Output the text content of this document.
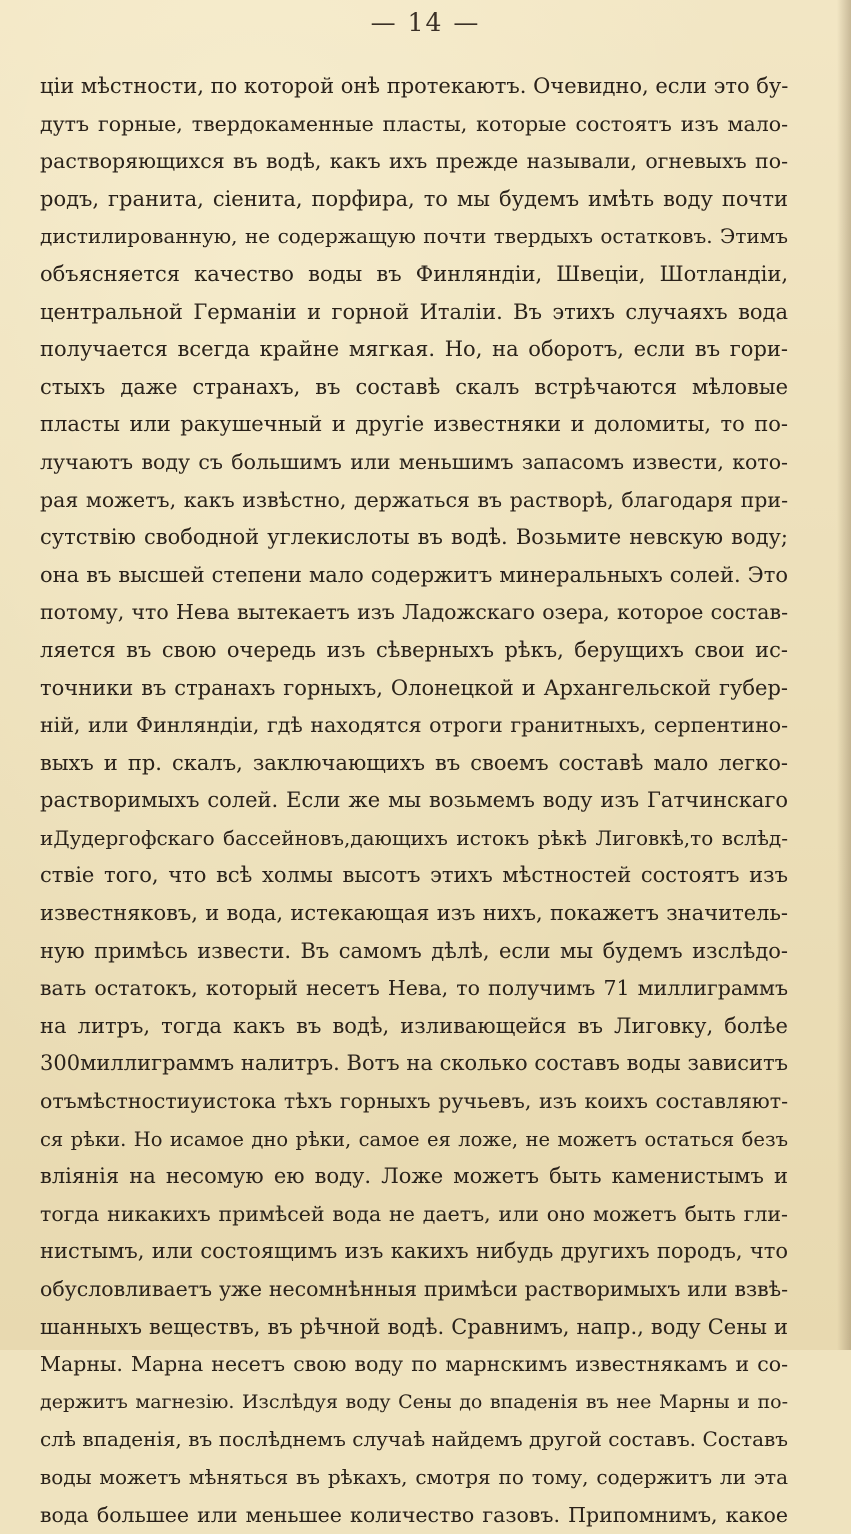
— 14 —
ціи мѣстности, по которой онѣ протекаютъ. Очевидно, если это бу-
дутъ горные, твердокаменные пласты, которые состоятъ изъ мало-
растворяющихся въ водѣ, какъ ихъ прежде называли, огневыхъ по-
родъ, гранита, сіенита, порфира, то мы будемъ имѣть воду почти
дистилированную, не содержащую почти твердыхъ остатковъ. Этимъ
объясняется качество воды въ Финляндіи, Швеціи, Шотландіи,
центральной Германіи и горной Италіи. Въ этихъ случаяхъ вода
получается всегда крайне мягкая. Но, на оборотъ, если въ гори-
стыхъ даже странахъ, въ составѣ скалъ встрѣчаются мѣловые
пласты или ракушечный и другіе известняки и доломиты, то по-
лучаютъ воду съ большимъ или меньшимъ запасомъ извести, кото-
рая можетъ, какъ извѣстно, держаться въ растворѣ, благодаря при-
сутствію свободной углекислоты въ водѣ. Возьмите невскую воду;
она въ высшей степени мало содержитъ минеральныхъ солей. Это
потому, что Нева вытекаетъ изъ Ладожскаго озера, которое состав-
ляется въ свою очередь изъ сѣверныхъ рѣкъ, берущихъ свои ис-
точники въ странахъ горныхъ, Олонецкой и Архангельской губер-
ній, или Финляндіи, гдѣ находятся отроги гранитныхъ, серпентино-
выхъ и пр. скалъ, заключающихъ въ своемъ составѣ мало легко-
растворимыхъ солей. Если же мы возьмемъ воду изъ Гатчинскаго
иДудергофскаго бассейновъ,дающихъ истокъ рѣкѣ Лиговкѣ,то вслѣд-
ствіе того, что всѣ холмы высотъ этихъ мѣстностей состоятъ изъ
известняковъ, и вода, истекающая изъ нихъ, покажетъ значитель-
ную примѣсь извести. Въ самомъ дѣлѣ, если мы будемъ изслѣдо-
вать остатокъ, который несетъ Нева, то получимъ 71 миллиграммъ
на литръ, тогда какъ въ водѣ, изливающейся въ Лиговку, болѣе
300миллиграммъ налитръ. Вотъ на сколько составъ воды зависитъ
отъмѣстностиуистока тѣхъ горныхъ ручьевъ, изъ коихъ составляют-
ся рѣки. Но исамое дно рѣки, самое ея ложе, не можетъ остаться безъ
вліянія на несомую ею воду. Ложе можетъ быть каменистымъ и
тогда никакихъ примѣсей вода не даетъ, или оно можетъ быть гли-
нистымъ, или состоящимъ изъ какихъ нибудь другихъ породъ, что
обусловливаетъ уже несомнѣнныя примѣси растворимыхъ или взвѣ-
шанныхъ веществъ, въ рѣчной водѣ. Сравнимъ, напр., воду Сены и
Марны. Марна несетъ свою воду по марнскимъ известнякамъ и со-
держитъ магнезію. Изслѣдуя воду Сены до впаденія въ нее Марны и по-
слѣ впаденія, въ послѣднемъ случаѣ найдемъ другой составъ. Составъ
воды можетъ мѣняться въ рѣкахъ, смотря по тому, содержитъ ли эта
вода большее или меньшее количество газовъ. Припомнимъ, какое
